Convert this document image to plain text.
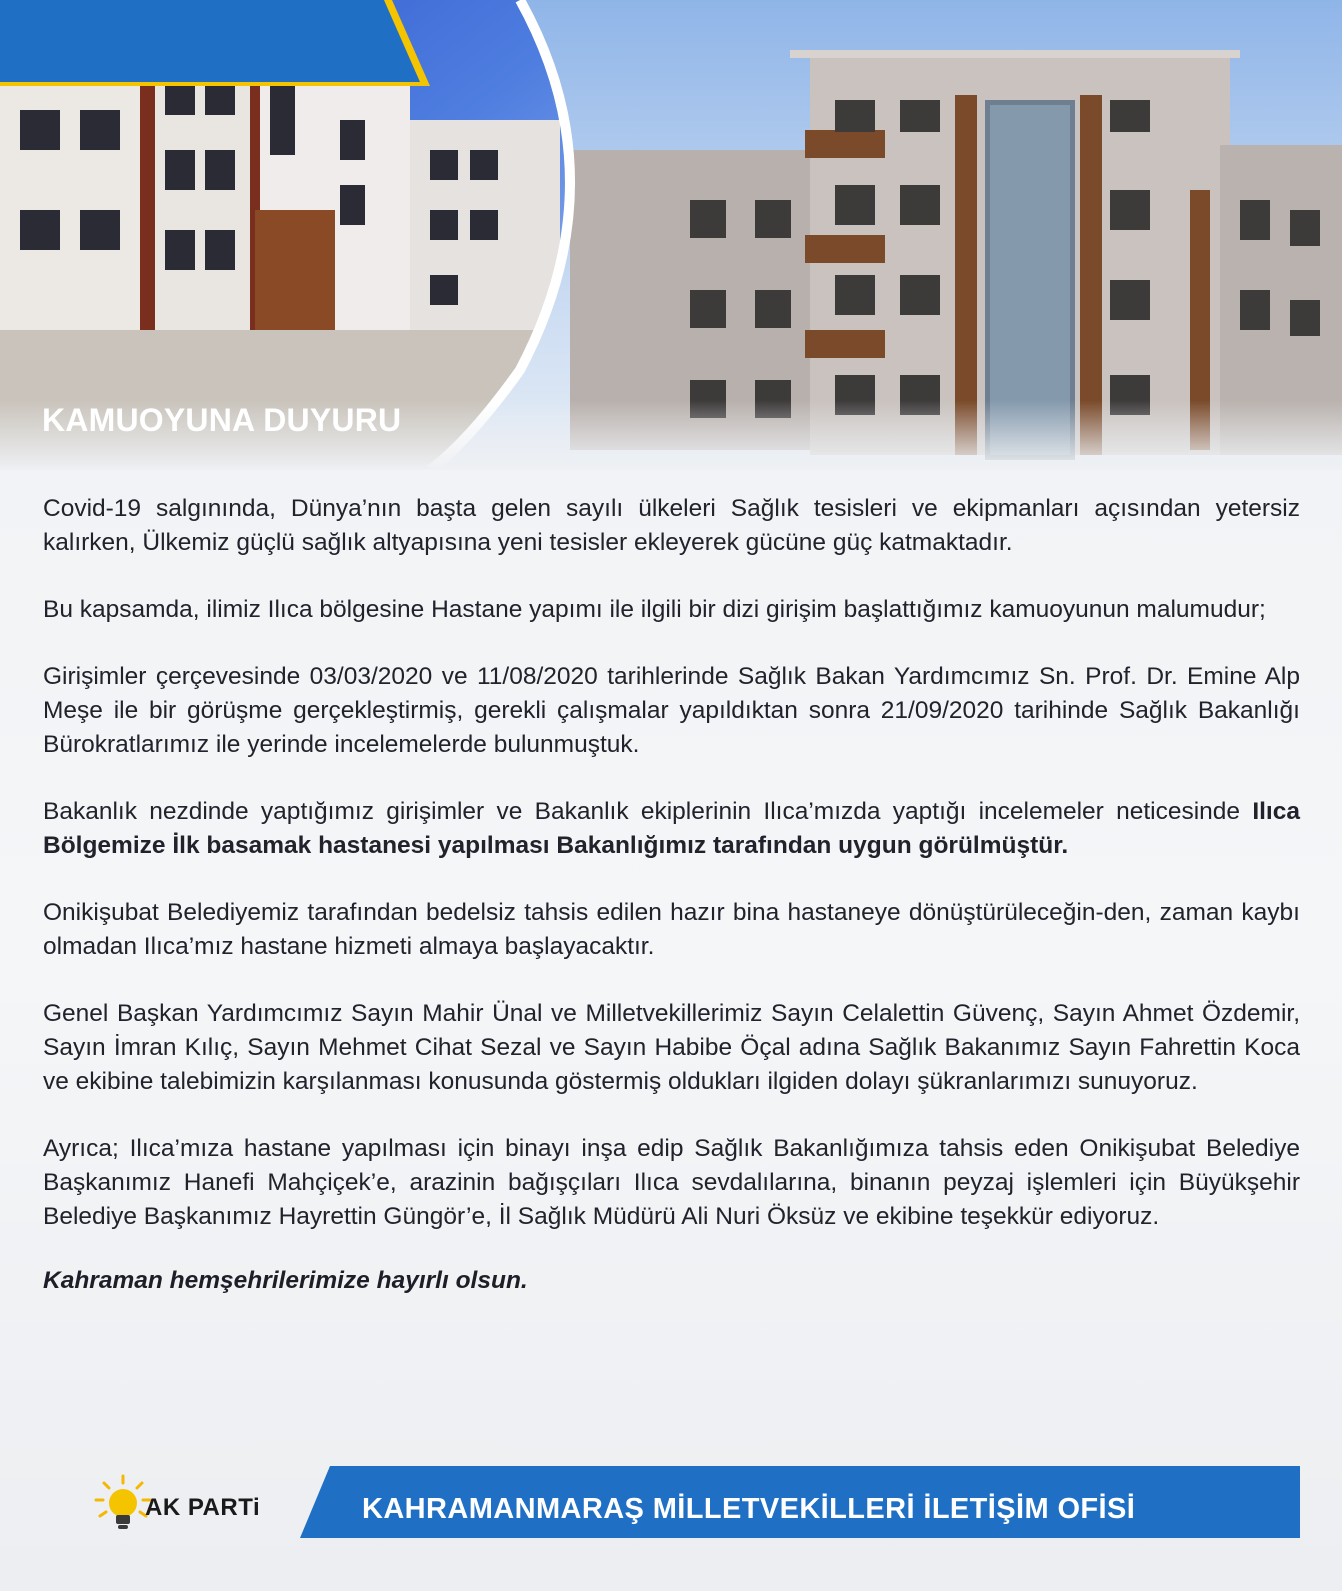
KAMUOYUNA DUYURU

Covid-19 salgınında, Dünya’nın başta gelen sayılı ülkeleri Sağlık tesisleri ve ekipmanları açısından yetersiz kalırken, Ülkemiz güçlü sağlık altyapısına yeni tesisler ekleyerek gücüne güç katmaktadır.

Bu kapsamda, ilimiz Ilıca bölgesine Hastane yapımı ile ilgili bir dizi girişim başlattığımız kamuoyunun malumudur;

Girişimler çerçevesinde 03/03/2020 ve 11/08/2020 tarihlerinde Sağlık Bakan Yardımcımız Sn. Prof. Dr. Emine Alp Meşe ile bir görüşme gerçekleştirmiş, gerekli çalışmalar yapıldıktan sonra 21/09/2020 tarihinde Sağlık Bakanlığı Bürokratlarımız ile yerinde incelemelerde bulunmuştuk.

Bakanlık nezdinde yaptığımız girişimler ve Bakanlık ekiplerinin Ilıca’mızda yaptığı incelemeler neticesinde Ilıca Bölgemize İlk basamak hastanesi yapılması Bakanlığımız tarafından uygun görülmüştür.

Onikişubat Belediyemiz tarafından bedelsiz tahsis edilen hazır bina hastaneye dönüştürüleceğin-den, zaman kaybı olmadan Ilıca’mız hastane hizmeti almaya başlayacaktır.

Genel Başkan Yardımcımız Sayın Mahir Ünal ve Milletvekillerimiz Sayın Celalettin Güvenç, Sayın Ahmet Özdemir, Sayın İmran Kılıç, Sayın Mehmet Cihat Sezal ve Sayın Habibe Öçal adına Sağlık Bakanımız Sayın Fahrettin Koca ve ekibine talebimizin karşılanması konusunda göstermiş oldukları ilgiden dolayı şükranlarımızı sunuyoruz.

Ayrıca; Ilıca’mıza hastane yapılması için binayı inşa edip Sağlık Bakanlığımıza tahsis eden Onikişubat Belediye Başkanımız Hanefi Mahçiçek’e, arazinin bağışçıları Ilıca sevdalılarına, binanın peyzaj işlemleri için Büyükşehir Belediye Başkanımız Hayrettin Güngör’e, İl Sağlık Müdürü Ali Nuri Öksüz ve ekibine teşekkür ediyoruz.

Kahraman hemşehrilerimize hayırlı olsun.

AK PARTi	KAHRAMANMARAŞ MİLLETVEKİLLERİ İLETİŞİM OFİSİ
